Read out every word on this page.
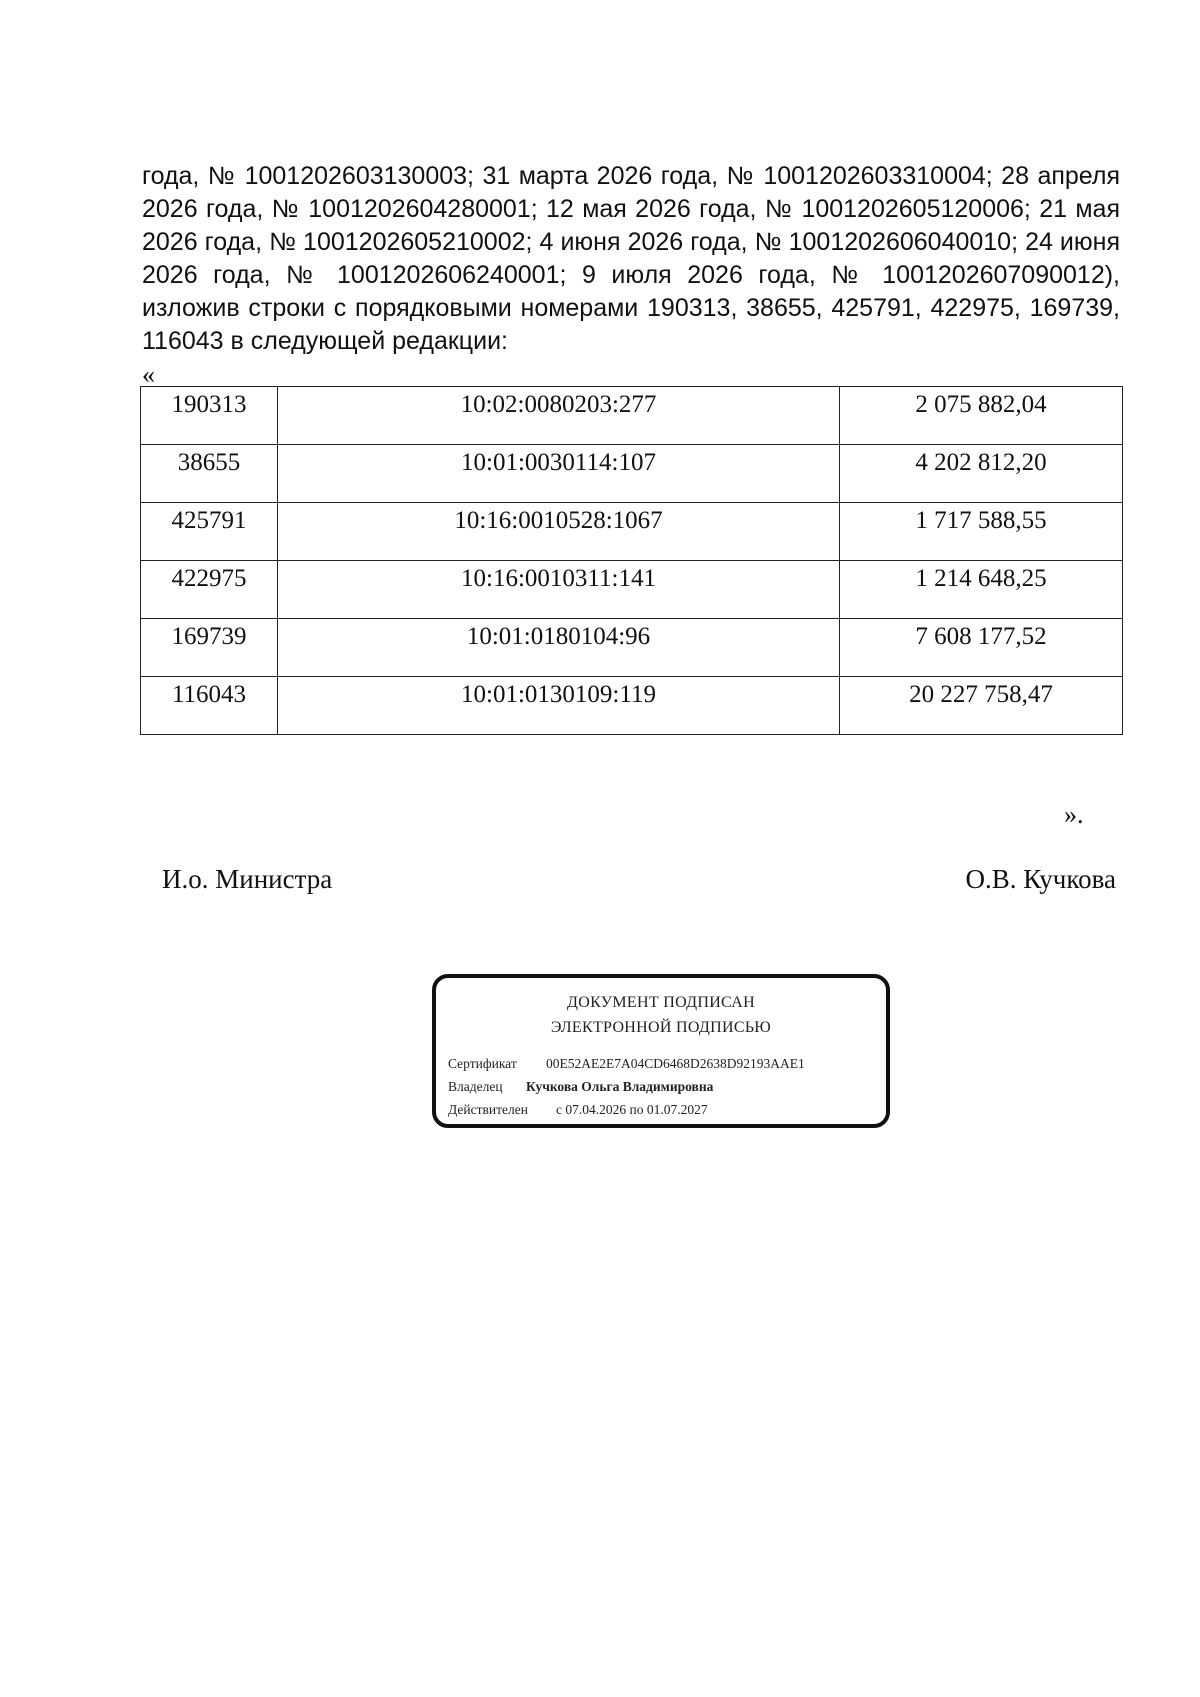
года, № 1001202603130003; 31 марта 2026 года, № 1001202603310004; 28 апреля 2026 года, № 1001202604280001; 12 мая 2026 года, № 1001202605120006; 21 мая 2026 года, № 1001202605210002; 4 июня 2026 года, № 1001202606040010; 24 июня 2026 года, № 1001202606240001; 9 июля 2026 года, № 1001202607090012), изложив строки с порядковыми номерами 190313, 38655, 425791, 422975, 169739, 116043 в следующей редакции:
«
190313	10:02:0080203:277	2 075 882,04
38655	10:01:0030114:107	4 202 812,20
425791	10:16:0010528:1067	1 717 588,55
422975	10:16:0010311:141	1 214 648,25
169739	10:01:0180104:96	7 608 177,52
116043	10:01:0130109:119	20 227 758,47
».
И.о. Министра	О.В. Кучкова
ДОКУМЕНТ ПОДПИСАН
ЭЛЕКТРОННОЙ ПОДПИСЬЮ
Сертификат 00E52AE2E7A04CD6468D2638D92193AAE1
Владелец Кучкова Ольга Владимировна
Действителен с 07.04.2026 по 01.07.2027
